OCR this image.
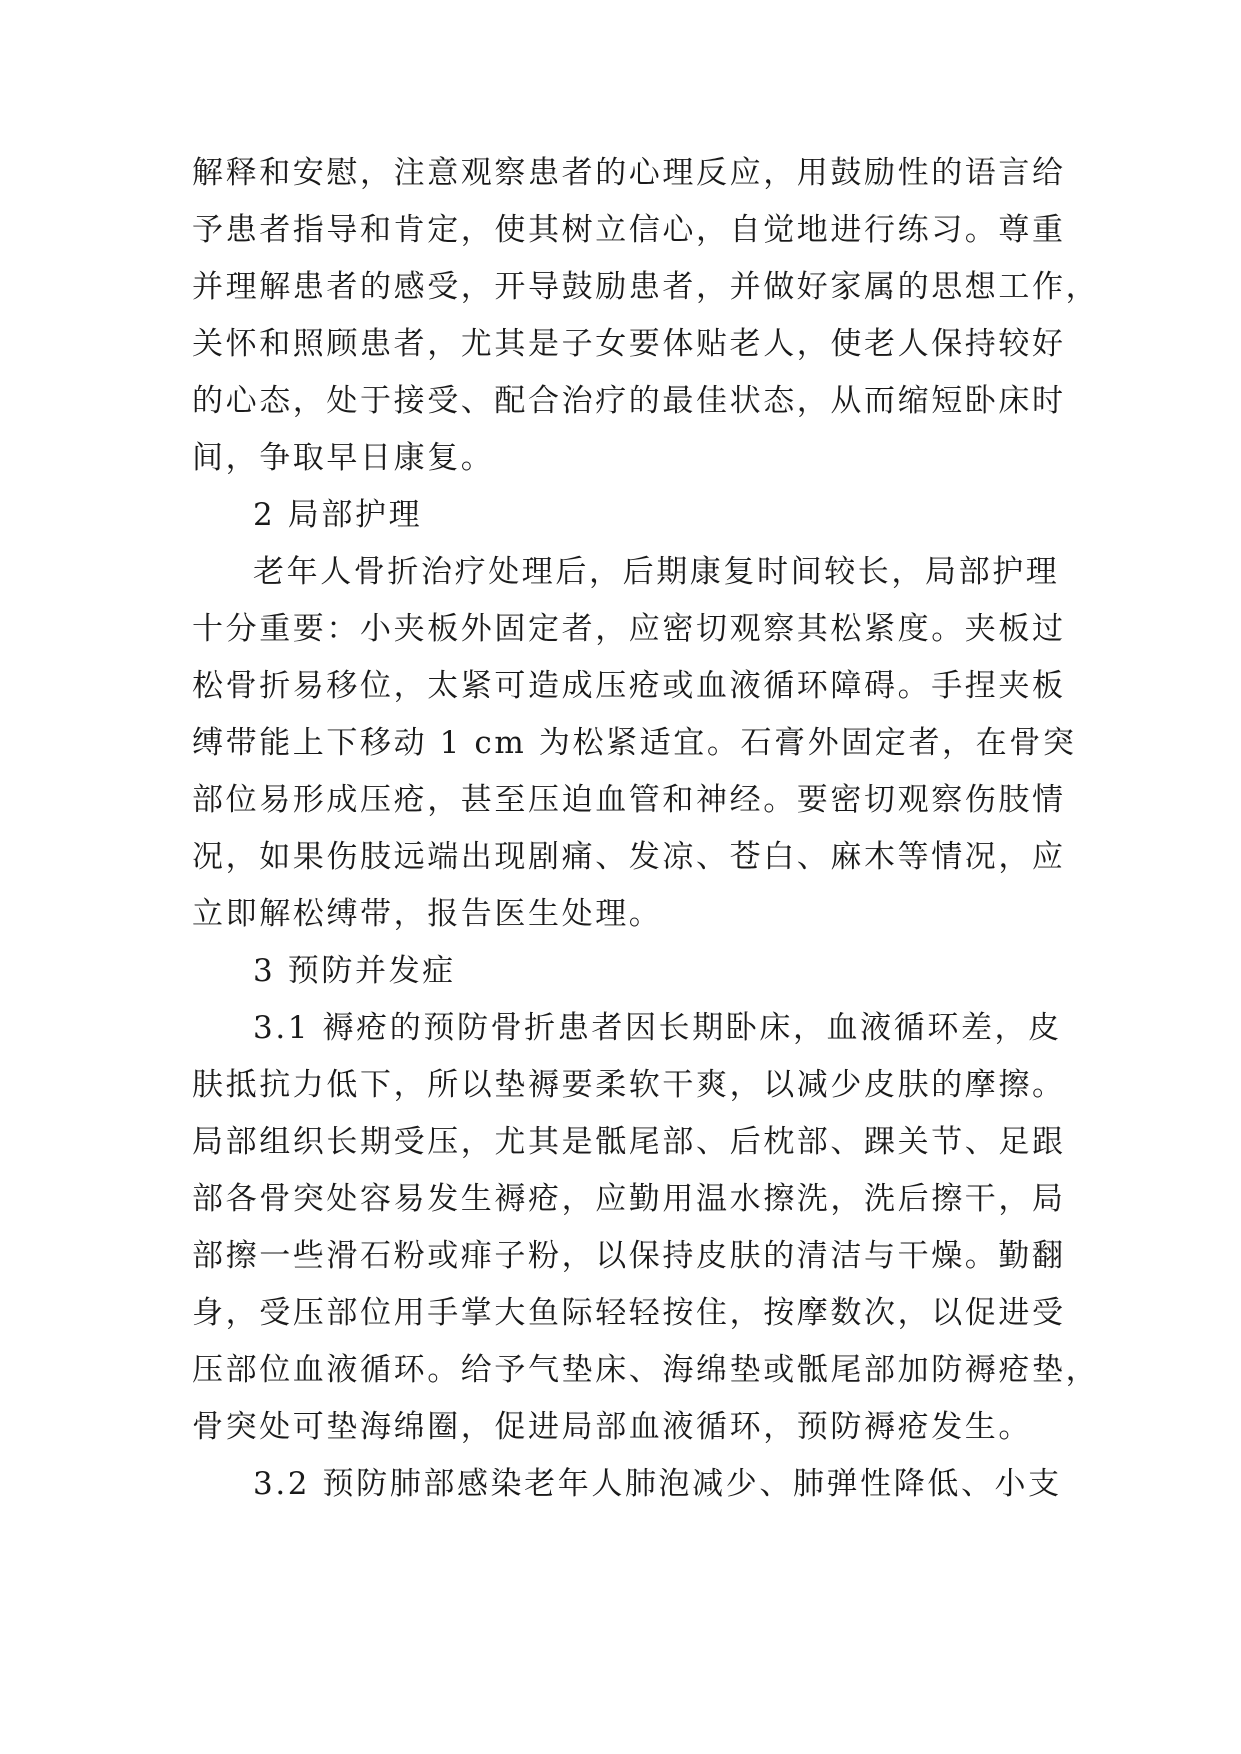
解释和安慰，注意观察患者的心理反应，用鼓励性的语言给
予患者指导和肯定，使其树立信心，自觉地进行练习。尊重
并理解患者的感受，开导鼓励患者，并做好家属的思想工作，
关怀和照顾患者，尤其是子女要体贴老人，使老人保持较好
的心态，处于接受、配合治疗的最佳状态，从而缩短卧床时
间，争取早日康复。
2 局部护理
老年人骨折治疗处理后，后期康复时间较长，局部护理
十分重要：小夹板外固定者，应密切观察其松紧度。夹板过
松骨折易移位，太紧可造成压疮或血液循环障碍。手捏夹板
缚带能上下移动 1 cm 为松紧适宜。石膏外固定者，在骨突
部位易形成压疮，甚至压迫血管和神经。要密切观察伤肢情
况，如果伤肢远端出现剧痛、发凉、苍白、麻木等情况，应
立即解松缚带，报告医生处理。
3 预防并发症
3.1 褥疮的预防骨折患者因长期卧床，血液循环差，皮
肤抵抗力低下，所以垫褥要柔软干爽，以减少皮肤的摩擦。
局部组织长期受压，尤其是骶尾部、后枕部、踝关节、足跟
部各骨突处容易发生褥疮，应勤用温水擦洗，洗后擦干，局
部擦一些滑石粉或痱子粉，以保持皮肤的清洁与干燥。勤翻
身，受压部位用手掌大鱼际轻轻按住，按摩数次，以促进受
压部位血液循环。给予气垫床、海绵垫或骶尾部加防褥疮垫，
骨突处可垫海绵圈，促进局部血液循环，预防褥疮发生。
3.2 预防肺部感染老年人肺泡减少、肺弹性降低、小支
